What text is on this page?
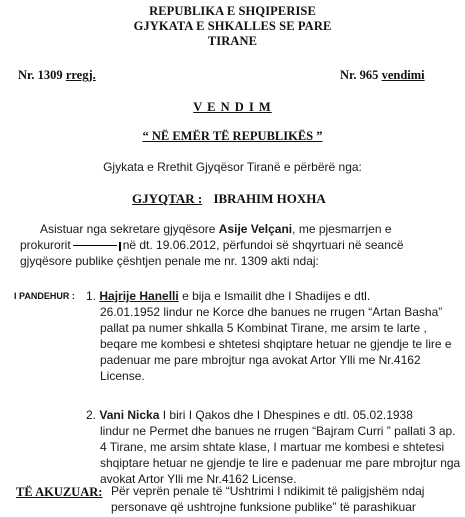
REPUBLIKA E SHQIPERISE
GJYKATA E SHKALLES SE PARE
TIRANE
Nr. 1309 rregj.	Nr. 965 vendimi
V E N D I M
“ NË EMËR TË REPUBLIKËS ”
Gjykata e Rrethit Gjyqësor Tiranë e përbërë nga:
GJYQTAR : IBRAHIM HOXHA
Asistuar nga sekretare gjyqësore Asije Velçani, me pjesmarrjen e
prokurorit	në dt. 19.06.2012, përfundoi së shqyrtuari në seancë
gjyqësore publike çështjen penale me nr. 1309 akti ndaj:
I PANDEHUR : 1. Hajrije Hanelli e bija e Ismailit dhe I Shadijes e dtl.
26.01.1952 lindur ne Korce dhe banues ne rrugen “Artan Basha”
pallat pa numer shkalla 5 Kombinat Tirane, me arsim te larte ,
beqare me kombesi e shtetesi shqiptare hetuar ne gjendje te lire e
padenuar me pare mbrojtur nga avokat Artor Ylli me Nr.4162
License.
2. Vani Nicka I biri I Qakos dhe I Dhespines e dtl. 05.02.1938
lindur ne Permet dhe banues ne rrugen “Bajram Curri ” pallati 3 ap.
4 Tirane, me arsim shtate klase, I martuar me kombesi e shtetesi
shqiptare hetuar ne gjendje te lire e padenuar me pare mbrojtur nga
avokat Artor Ylli me Nr.4162 License.
TË AKUZUAR: Për veprën penale të “Ushtrimi I ndikimit të paligjshëm ndaj
personave që ushtrojne funksione publike” të parashikuar
